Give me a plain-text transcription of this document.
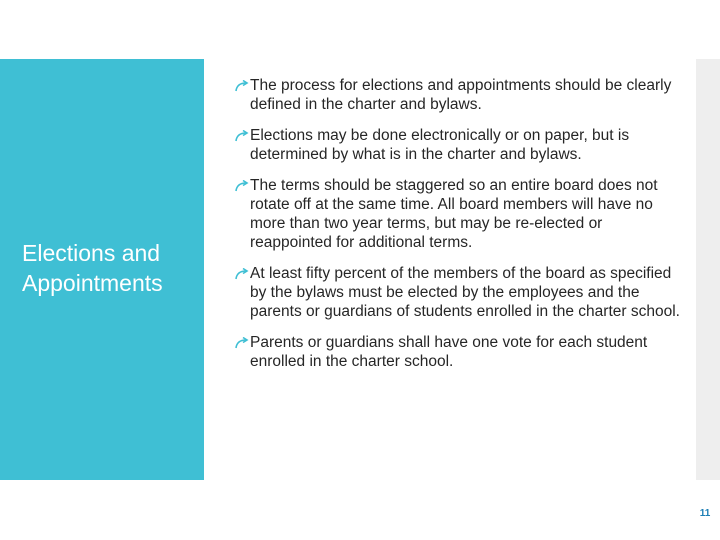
Elections and Appointments
The process for elections and appointments should be clearly defined in the charter and bylaws.
Elections may be done electronically or on paper, but is determined by what is in the charter and bylaws.
The terms should be staggered so an entire board does not rotate off at the same time. All board members will have no more than two year terms, but may be re-elected or reappointed for additional terms.
At least fifty percent of the members of the board as specified by the bylaws must be elected by the employees and the parents or guardians of students enrolled in the charter school.
Parents or guardians shall have one vote for each student enrolled in the charter school.
11
